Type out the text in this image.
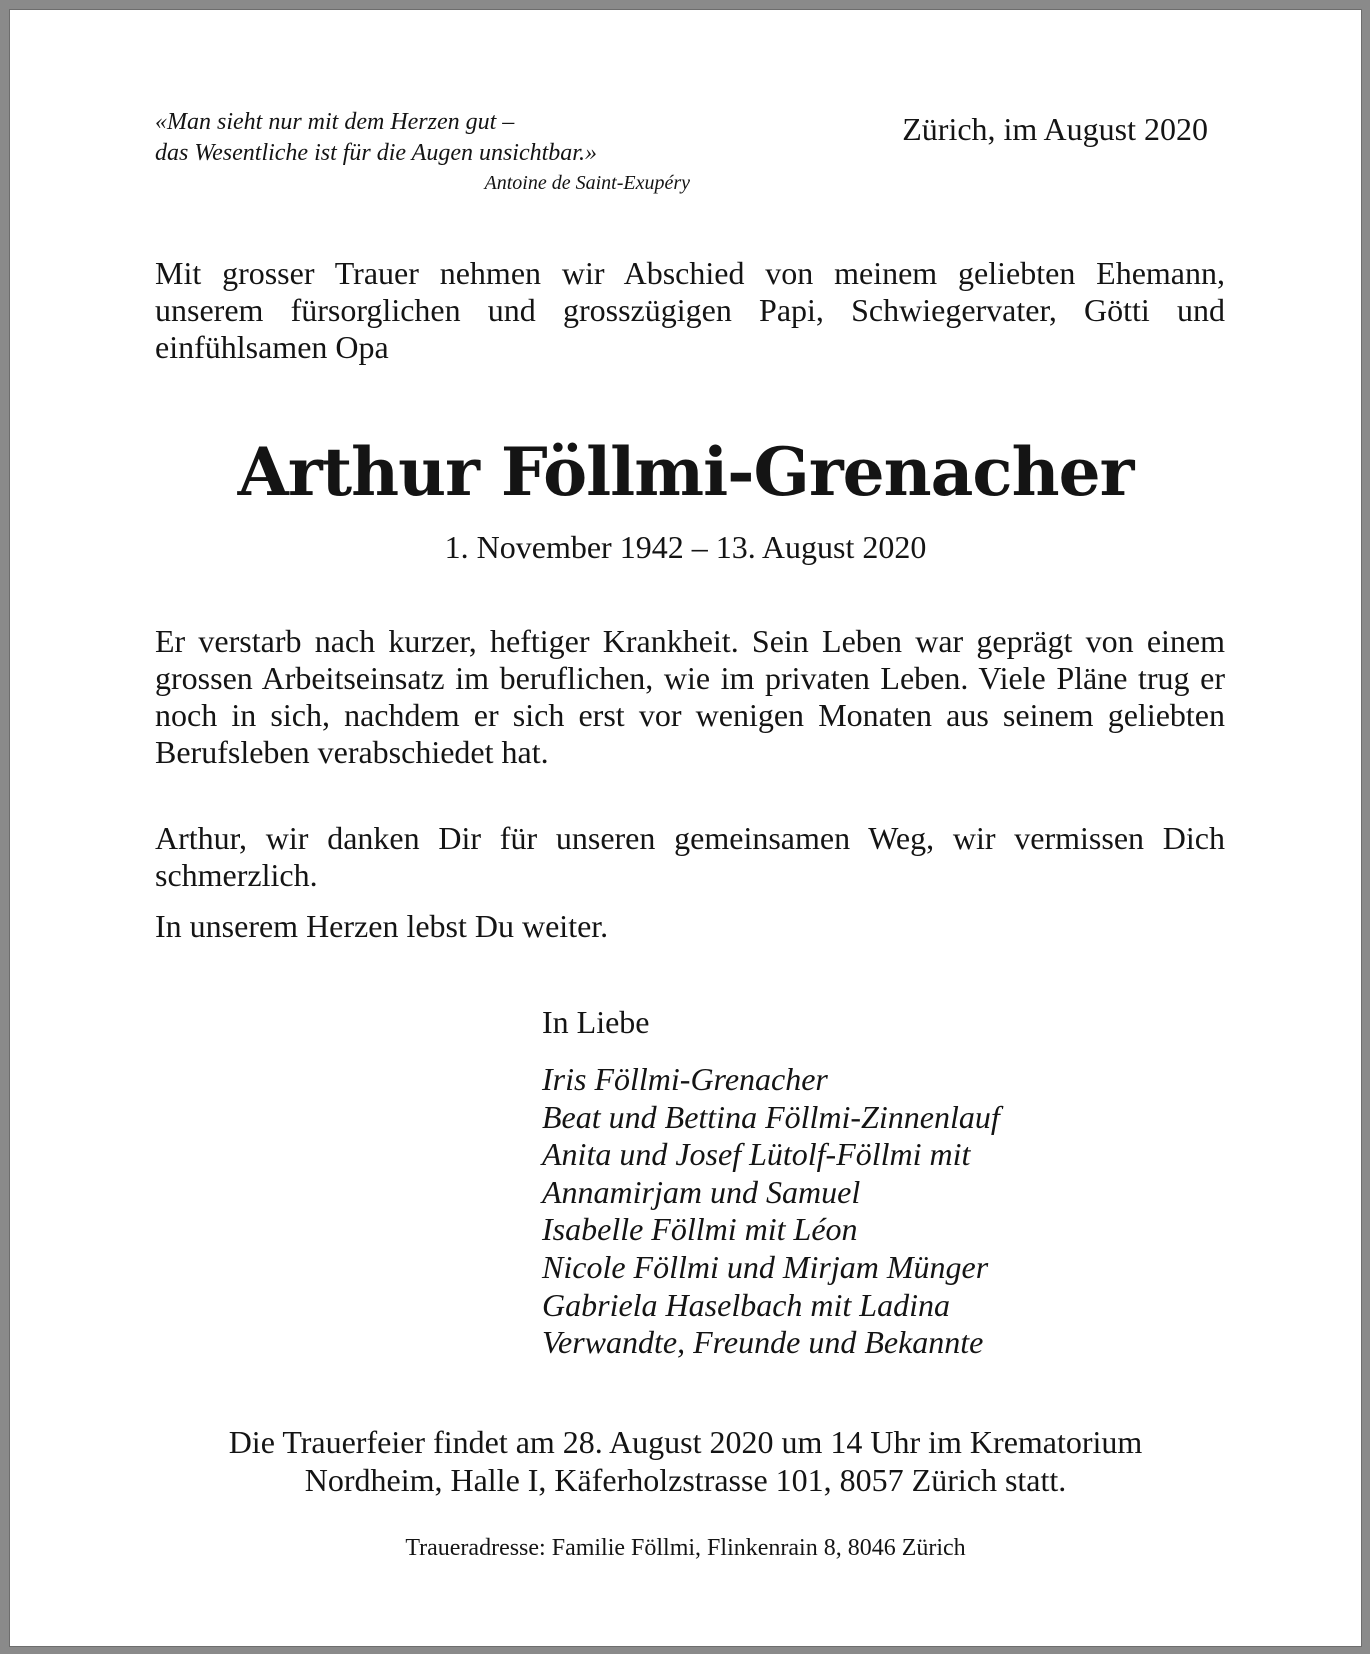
«Man sieht nur mit dem Herzen gut –
das Wesentliche ist für die Augen unsichtbar.»
Antoine de Saint-Exupéry
Zürich, im August 2020

Mit grosser Trauer nehmen wir Abschied von meinem geliebten Ehemann, unserem fürsorglichen und grosszügigen Papi, Schwiegervater, Götti und einfühlsamen Opa

Arthur Föllmi-Grenacher
1. November 1942 – 13. August 2020

Er verstarb nach kurzer, heftiger Krankheit. Sein Leben war geprägt von einem grossen Arbeitseinsatz im beruflichen, wie im privaten Leben. Viele Pläne trug er noch in sich, nachdem er sich erst vor wenigen Monaten aus seinem geliebten Berufsleben verabschiedet hat.

Arthur, wir danken Dir für unseren gemeinsamen Weg, wir vermissen Dich schmerzlich.

In unserem Herzen lebst Du weiter.

In Liebe
Iris Föllmi-Grenacher
Beat und Bettina Föllmi-Zinnenlauf
Anita und Josef Lütolf-Föllmi mit
Annamirjam und Samuel
Isabelle Föllmi mit Léon
Nicole Föllmi und Mirjam Münger
Gabriela Haselbach mit Ladina
Verwandte, Freunde und Bekannte
Die Trauerfeier findet am 28. August 2020 um 14 Uhr im Krematorium
Nordheim, Halle I, Käferholzstrasse 101, 8057 Zürich statt.
Traueradresse: Familie Föllmi, Flinkenrain 8, 8046 Zürich
